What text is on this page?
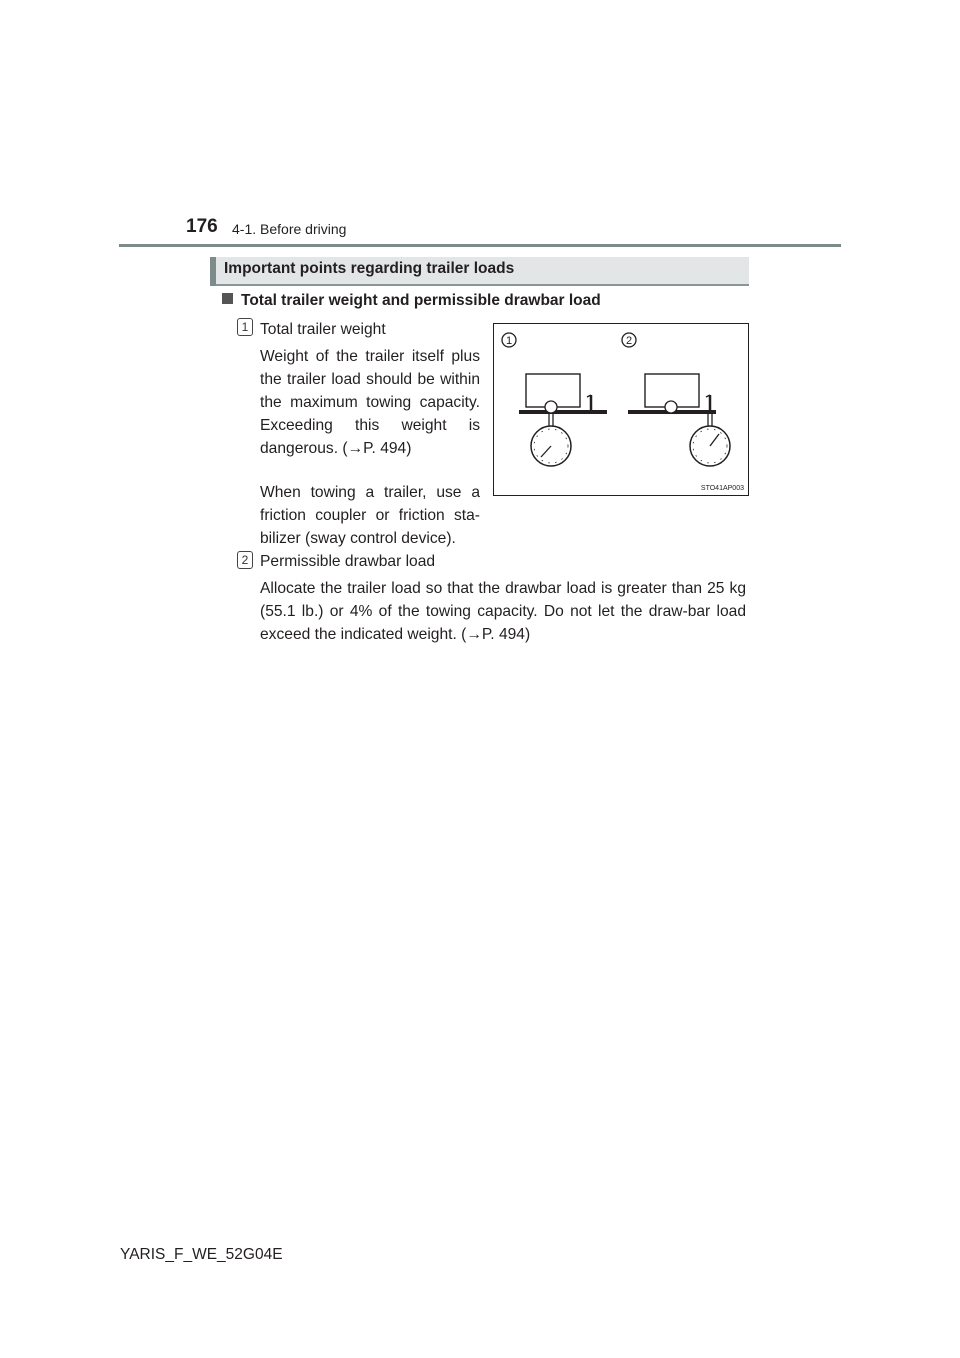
176 4-1. Before driving
Important points regarding trailer loads
Total trailer weight and permissible drawbar load
1 Total trailer weight
Weight of the trailer itself plus the trailer load should be within the maximum towing capacity. Exceeding this weight is dangerous. (→P. 494)
When towing a trailer, use a friction coupler or friction sta-bilizer (sway control device).
1	2
STO41AP003
2 Permissible drawbar load
Allocate the trailer load so that the drawbar load is greater than 25 kg (55.1 lb.) or 4% of the towing capacity. Do not let the draw-bar load exceed the indicated weight. (→P. 494)
YARIS_F_WE_52G04E
